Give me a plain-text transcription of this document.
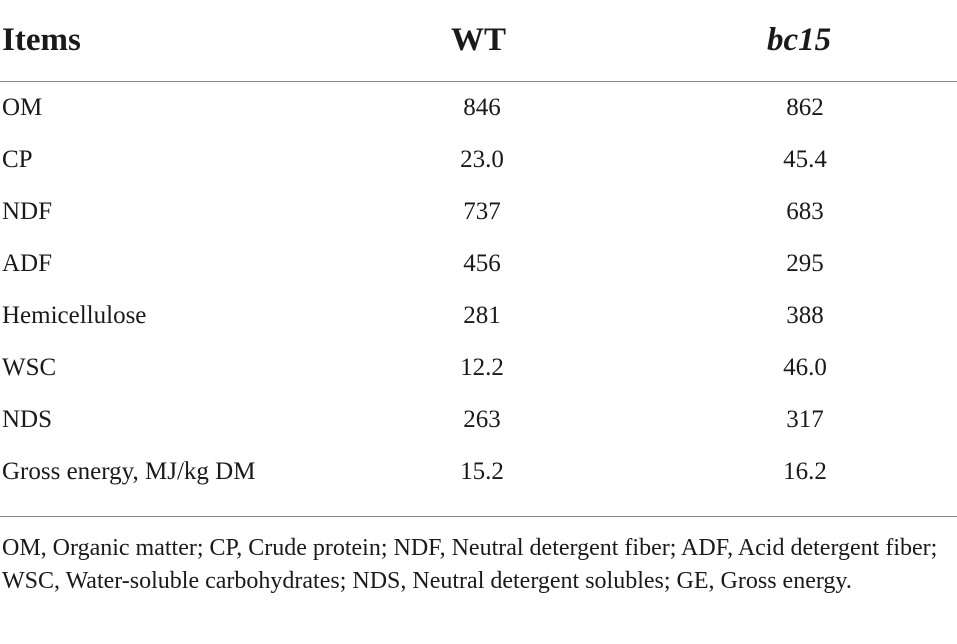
Items	WT	bc15
OM	846	862
CP	23.0	45.4
NDF	737	683
ADF	456	295
Hemicellulose	281	388
WSC	12.2	46.0
NDS	263	317
Gross energy, MJ/kg DM	15.2	16.2
OM, Organic matter; CP, Crude protein; NDF, Neutral detergent fiber; ADF, Acid detergent fiber; WSC, Water-soluble carbohydrates; NDS, Neutral detergent solubles; GE, Gross energy.
